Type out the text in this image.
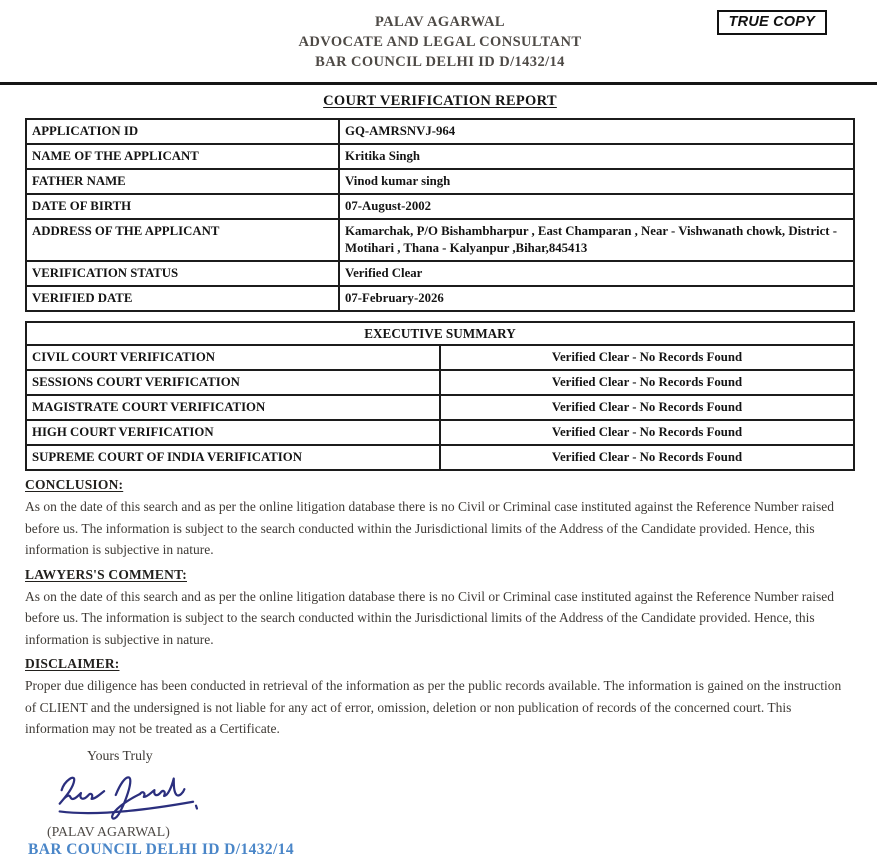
TRUE COPY
PALAV AGARWAL
ADVOCATE AND LEGAL CONSULTANT
BAR COUNCIL DELHI ID D/1432/14
COURT VERIFICATION REPORT
APPLICATION ID	GQ-AMRSNVJ-964
NAME OF THE APPLICANT	Kritika Singh
FATHER NAME	Vinod kumar singh
DATE OF BIRTH	07-August-2002
ADDRESS OF THE APPLICANT	Kamarchak, P/O Bishambharpur , East Champaran , Near - Vishwanath chowk, District - Motihari , Thana - Kalyanpur ,Bihar,845413
VERIFICATION STATUS	Verified Clear
VERIFIED DATE	07-February-2026
EXECUTIVE SUMMARY	
CIVIL COURT VERIFICATION	Verified Clear - No Records Found
SESSIONS COURT VERIFICATION	Verified Clear - No Records Found
MAGISTRATE COURT VERIFICATION	Verified Clear - No Records Found
HIGH COURT VERIFICATION	Verified Clear - No Records Found
SUPREME COURT OF INDIA VERIFICATION	Verified Clear - No Records Found
CONCLUSION:

As on the date of this search and as per the online litigation database there is no Civil or Criminal case instituted against the Reference Number raised before us. The information is subject to the search conducted within the Jurisdictional limits of the Address of the Candidate provided. Hence, this information is subjective in nature.

LAWYERS'S COMMENT:

As on the date of this search and as per the online litigation database there is no Civil or Criminal case instituted against the Reference Number raised before us. The information is subject to the search conducted within the Jurisdictional limits of the Address of the Candidate provided. Hence, this information is subjective in nature.

DISCLAIMER:

Proper due diligence has been conducted in retrieval of the information as per the public records available. The information is gained on the instruction of CLIENT and the undersigned is not liable for any act of error, omission, deletion or non publication of records of the concerned court. This information may not be treated as a Certificate.

Yours Truly
(PALAV AGARWAL)
BAR COUNCIL DELHI ID D/1432/14
